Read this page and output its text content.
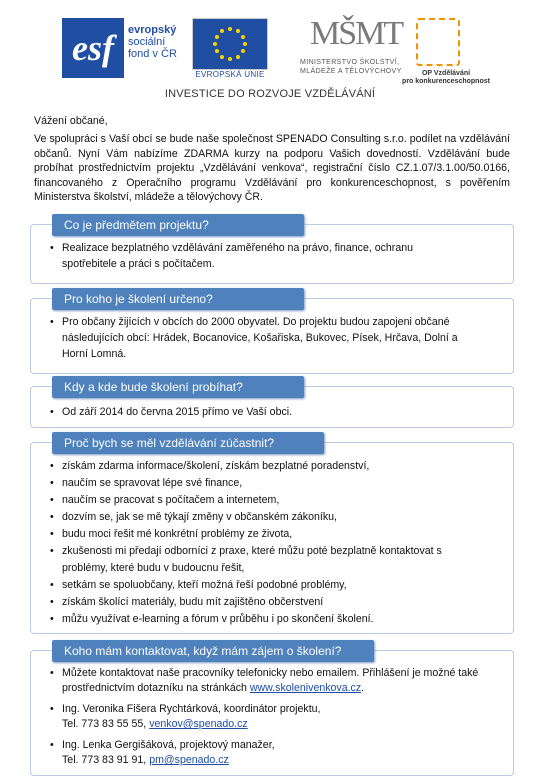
esf	evropský
sociální
fond v ČR
EVROPSKÁ UNIE
MŠMT
MINISTERSTVO ŠKOLSTVÍ,
MLÁDEŽE A TĚLOVÝCHOVY	OP Vzdělávání
pro konkurenceschopnost
INVESTICE DO ROZVOJE VZDĚLÁVÁNÍ

Vážení občané,

Ve spolupráci s Vaší obcí se bude naše společnost SPENADO Consulting s.r.o. podílet na vzdělávání občanů. Nyní Vám nabízíme ZDARMA kurzy na podporu Vašich dovedností. Vzdělávání bude probíhat prostřednictvím projektu „Vzdělávání venkova“, registrační číslo CZ.1.07/3.1.00/50.0166, financovaného z Operačního programu Vzdělávání pro konkurenceschopnost, s pověřením Ministerstva školství, mládeže a tělovýchovy ČR.

Co je předmětem projektu?
• Realizace bezplatného vzdělávání zaměřeného na právo, finance, ochranu spotřebitele a práci s počítačem.
Pro koho je školení určeno?
• Pro občany žijících v obcích do 2000 obyvatel. Do projektu budou zapojeni občané následujících obcí: Hrádek, Bocanovice, Košařiska, Bukovec, Písek, Hrčava, Dolní a Horní Lomná.
Kdy a kde bude školení probíhat?
• Od září 2014 do června 2015 přímo ve Vaší obci.
Proč bych se měl vzdělávání zúčastnit?
• získám zdarma informace/školení, získám bezplatné poradenství,
• naučím se spravovat lépe své finance,
• naučím se pracovat s počítačem a internetem,
• dozvím se, jak se mě týkají změny v občanském zákoníku,
• budu moci řešit mé konkrétní problémy ze života,
• zkušenosti mi předají odborníci z praxe, které můžu poté bezplatně kontaktovat s problémy, které budu v budoucnu řešit,
• setkám se spoluobčany, kteří možná řeší podobné problémy,
• získám školící materiály, budu mít zajištěno občerstvení
• můžu využívat e-learning a fórum v průběhu i po skončení školení.
Koho mám kontaktovat, když mám zájem o školení?
• Můžete kontaktovat naše pracovníky telefonicky nebo emailem. Přihlášení je možné také prostřednictvím dotazníku na stránkách www.skolenivenkova.cz.
• Ing. Veronika Fišera Rychtárková, koordinátor projektu,
Tel. 773 83 55 55, venkov@spenado.cz
• Ing. Lenka Gergišáková, projektový manažer,
Tel. 773 83 91 91, pm@spenado.cz
